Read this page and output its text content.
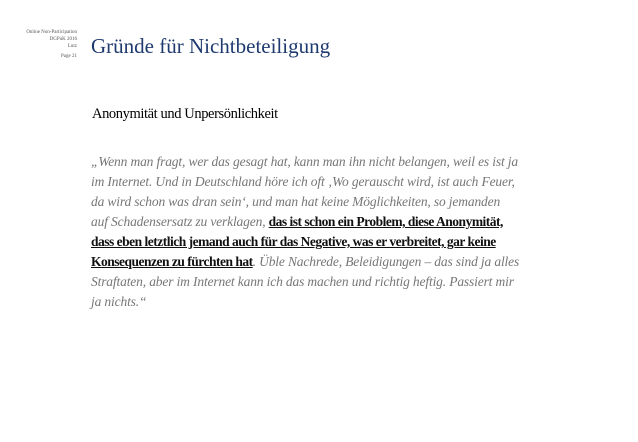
Online Non-Participation
DGPuK 2016
Lutz
Page 21 Gründe für Nichtbeteiligung
Anonymität und Unpersönlichkeit

„Wenn man fragt, wer das gesagt hat, kann man ihn nicht belangen, weil es ist ja
im Internet. Und in Deutschland höre ich oft ‚Wo gerauscht wird, ist auch Feuer,
da wird schon was dran sein‘, und man hat keine Möglichkeiten, so jemanden
auf Schadensersatz zu verklagen, das ist schon ein Problem, diese Anonymität,
dass eben letztlich jemand auch für das Negative, was er verbreitet, gar keine
Konsequenzen zu fürchten hat. Üble Nachrede, Beleidigungen – das sind ja alles
Straftaten, aber im Internet kann ich das machen und richtig heftig. Passiert mir
ja nichts.“
